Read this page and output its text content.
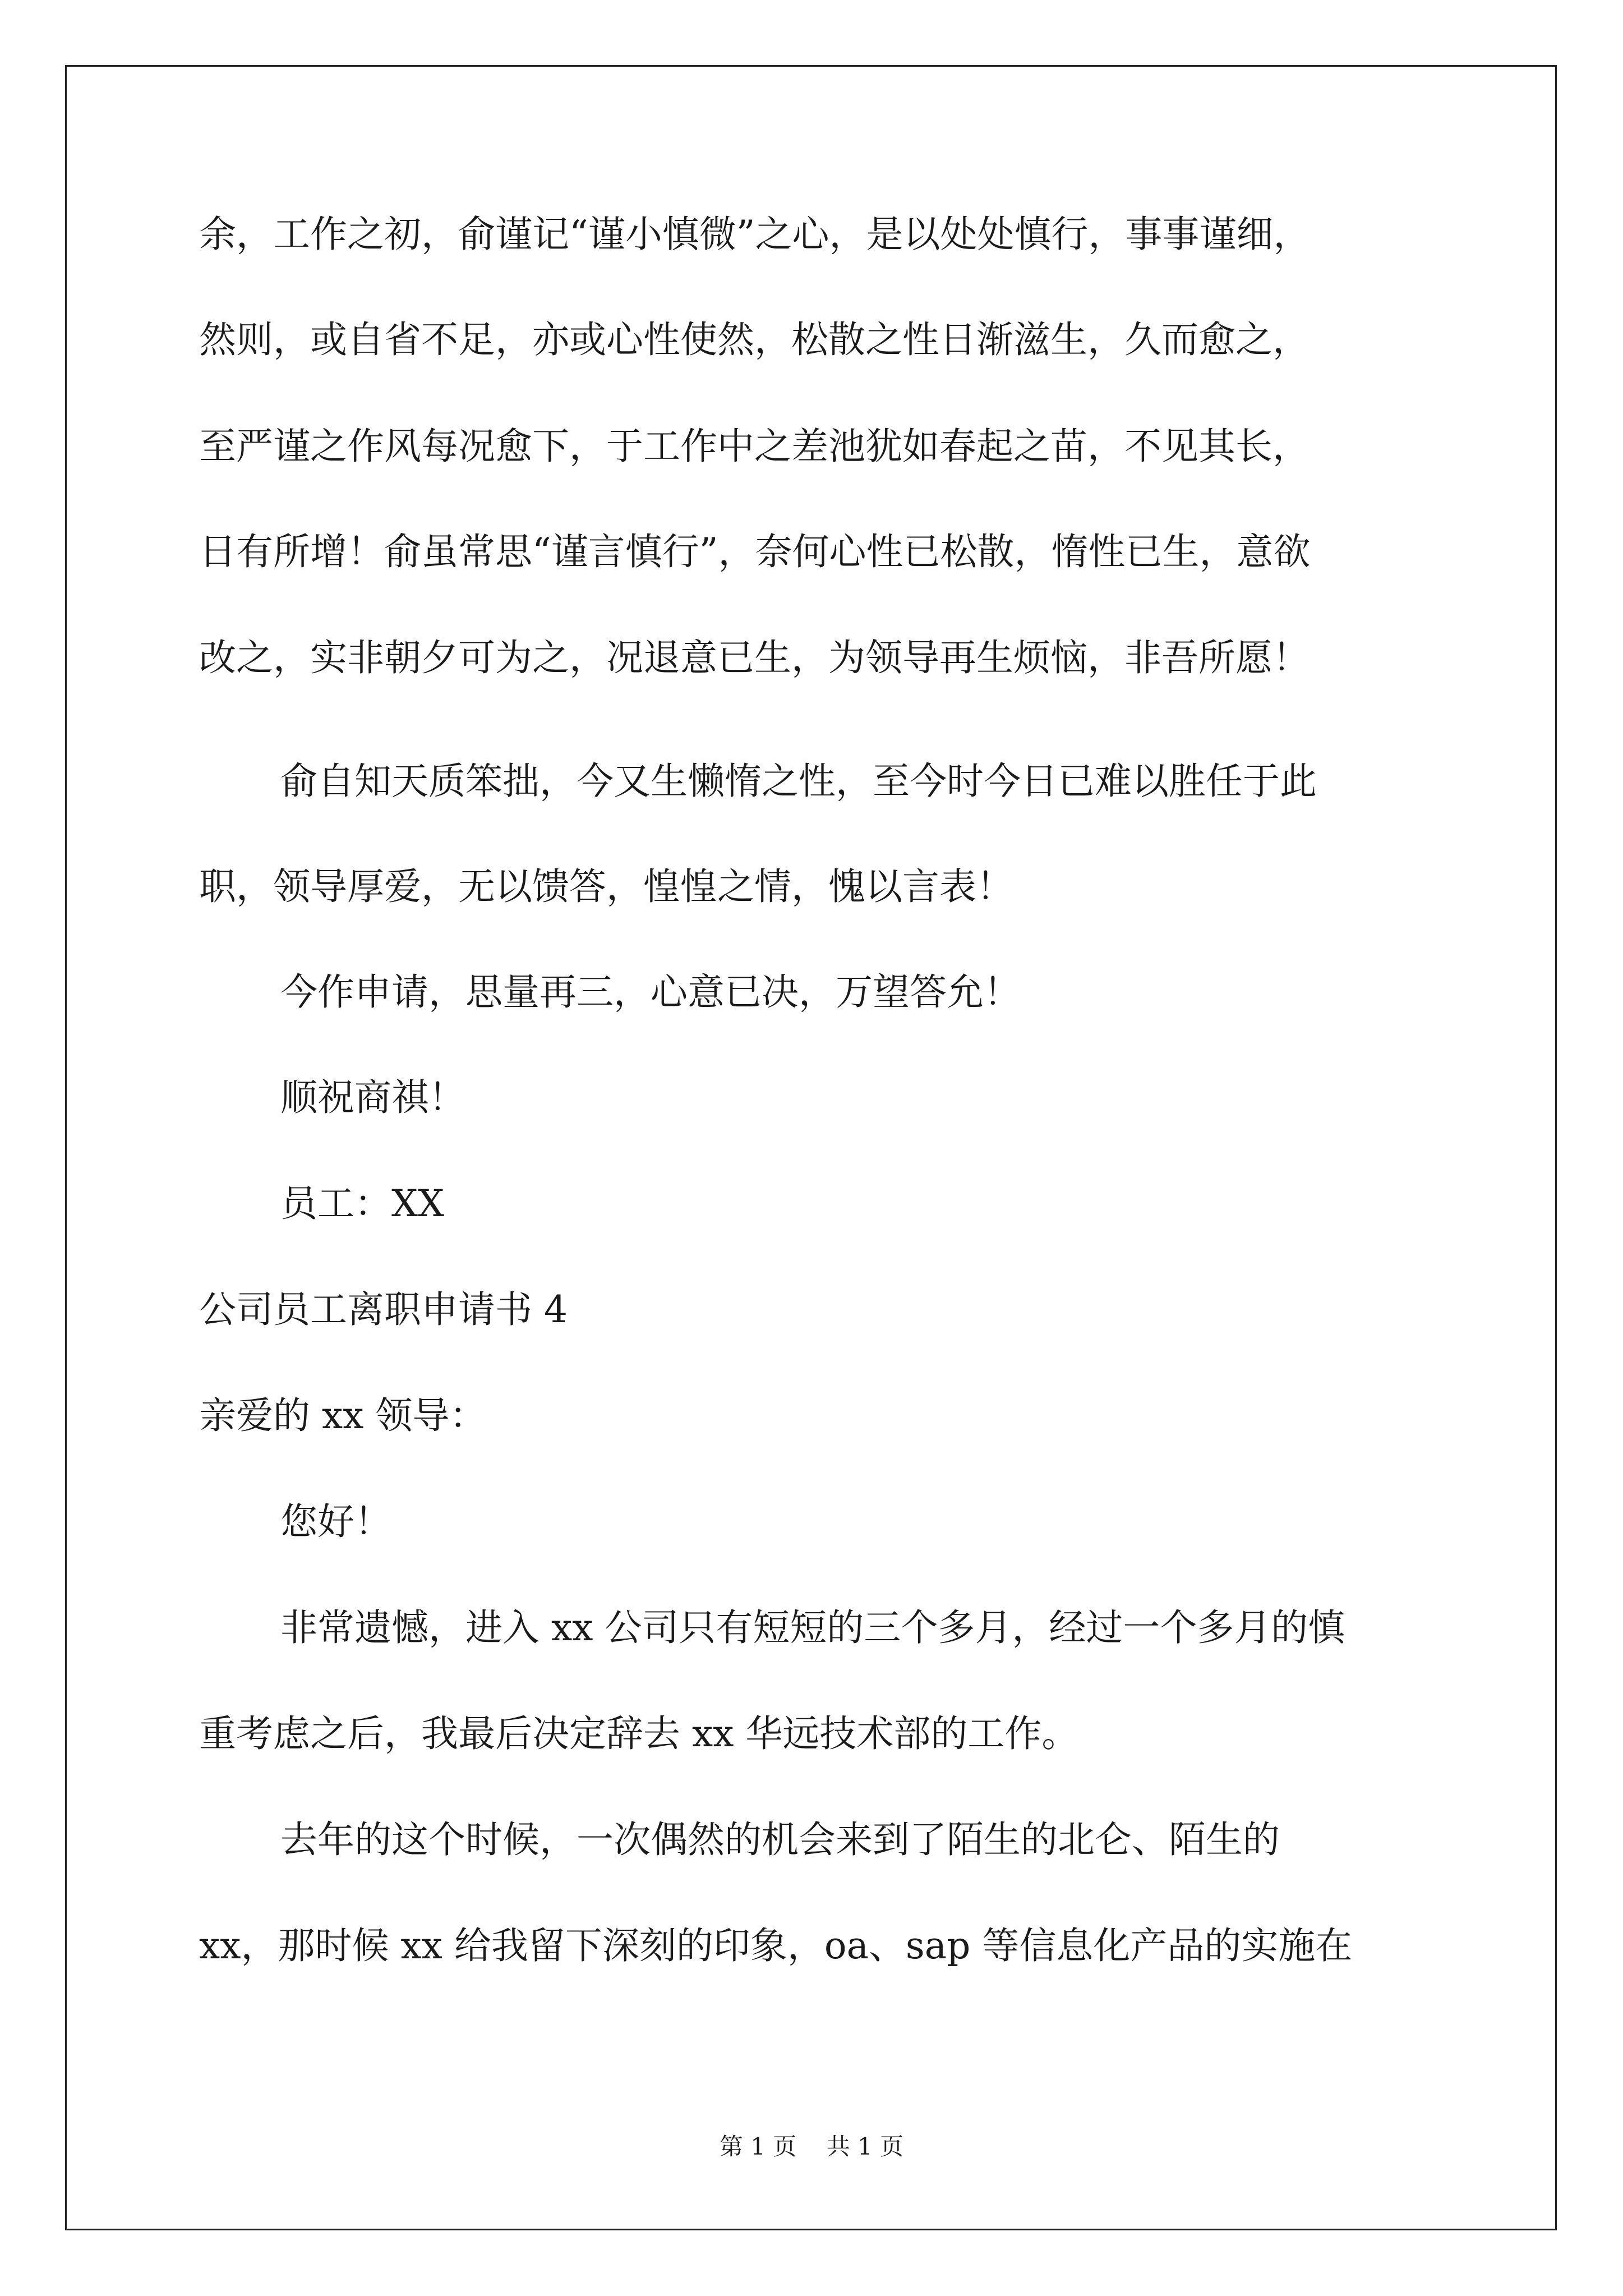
余，工作之初，俞谨记“谨小慎微”之心，是以处处慎行，事事谨细，
然则，或自省不足，亦或心性使然，松散之性日渐滋生，久而愈之，
至严谨之作风每况愈下，于工作中之差池犹如春起之苗，不见其长，
日有所增！俞虽常思“谨言慎行”，奈何心性已松散，惰性已生，意欲
改之，实非朝夕可为之，况退意已生，为领导再生烦恼，非吾所愿！
俞自知天质笨拙，今又生懒惰之性，至今时今日已难以胜任于此
职，领导厚爱，无以馈答，惶惶之情，愧以言表！
今作申请，思量再三，心意已决，万望答允！
顺祝商祺！
员工：XX
公司员工离职申请书 4
亲爱的 xx 领导：
您好！
非常遗憾，进入 xx 公司只有短短的三个多月，经过一个多月的慎
重考虑之后，我最后决定辞去 xx 华远技术部的工作。
去年的这个时候，一次偶然的机会来到了陌生的北仑、陌生的
xx，那时候 xx 给我留下深刻的印象，oa、sap 等信息化产品的实施在
第 1 页    共 1 页
